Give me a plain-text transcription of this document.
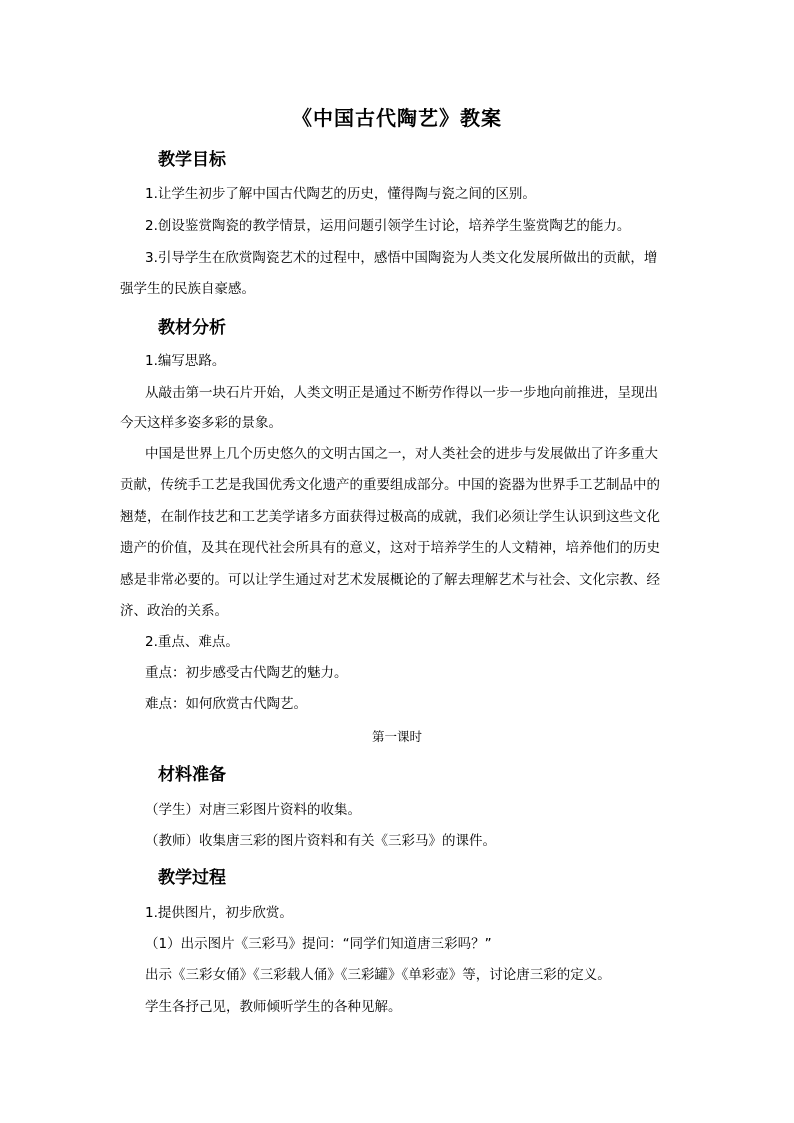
《中国古代陶艺》教案
教学目标
1.让学生初步了解中国古代陶艺的历史，懂得陶与瓷之间的区别。
2.创设鉴赏陶瓷的教学情景，运用问题引领学生讨论，培养学生鉴赏陶艺的能力。
3.引导学生在欣赏陶瓷艺术的过程中，感悟中国陶瓷为人类文化发展所做出的贡献，增
强学生的民族自豪感。
教材分析
1.编写思路。
从敲击第一块石片开始，人类文明正是通过不断劳作得以一步一步地向前推进，呈现出
今天这样多姿多彩的景象。
中国是世界上几个历史悠久的文明古国之一，对人类社会的进步与发展做出了许多重大
贡献，传统手工艺是我国优秀文化遗产的重要组成部分。中国的瓷器为世界手工艺制品中的
翘楚，在制作技艺和工艺美学诸多方面获得过极高的成就，我们必须让学生认识到这些文化
遗产的价值，及其在现代社会所具有的意义，这对于培养学生的人文精神，培养他们的历史
感是非常必要的。可以让学生通过对艺术发展概论的了解去理解艺术与社会、文化宗教、经
济、政治的关系。
2.重点、难点。
重点：初步感受古代陶艺的魅力。
难点：如何欣赏古代陶艺。
第一课时
材料准备
（学生）对唐三彩图片资料的收集。
（教师）收集唐三彩的图片资料和有关《三彩马》的课件。
教学过程
1.提供图片，初步欣赏。
（1）出示图片《三彩马》提问：“同学们知道唐三彩吗？”
出示《三彩女俑》《三彩载人俑》《三彩罐》《单彩壶》等，讨论唐三彩的定义。
学生各抒己见，教师倾听学生的各种见解。
